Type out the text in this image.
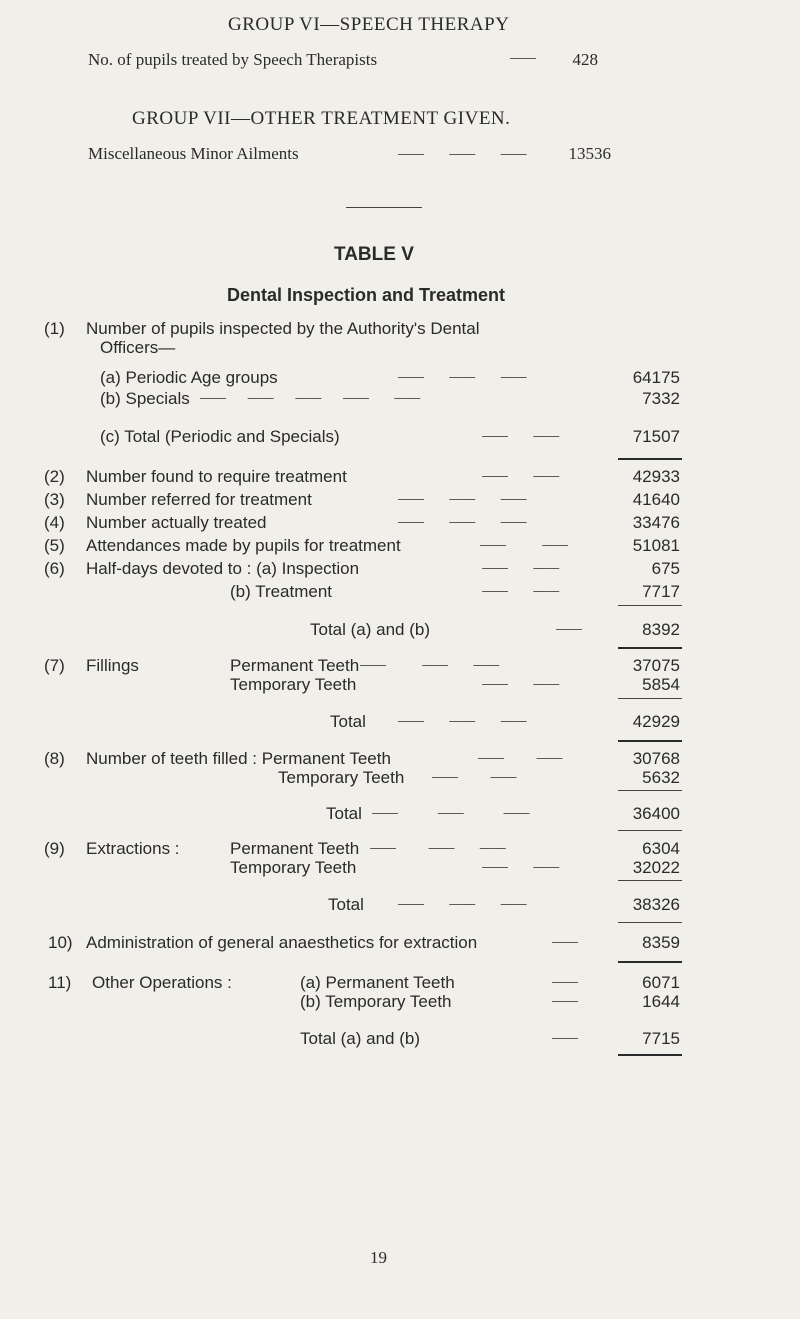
GROUP VI—SPEECH THERAPY
No. of pupils treated by Speech Therapists	——	428
GROUP VII—OTHER TREATMENT GIVEN.
Miscellaneous Minor Ailments	——       ——       ——	13536
TABLE V
Dental Inspection and Treatment
(1) Number of pupils inspected by the Authority's Dental
Officers—
(a) Periodic Age groups	——       ——       ——	64175
(b) Specials ——      ——      ——      ——       ——	7332
(c) Total (Periodic and Specials)	——       ——	71507
(2) Number found to require treatment	——       ——	42933
(3) Number referred for treatment	——       ——       ——	41640
(4) Number actually treated	——       ——       ——	33476
(5) Attendances made by pupils for treatment	——          ——	51081
(6) Half-days devoted to : (a) Inspection	——       ——	675
(b) Treatment	——       ——	7717
Total (a) and (b)	——	8392
(7) Fillings	Permanent Teeth ——          ——       ——	37075
Temporary Teeth	——       ——	5854
Total ——       ——       ——	42929
(8) Number of teeth filled : Permanent Teeth	——         ——	30768
Temporary Teeth ——         ——	5632
Total ——           ——           ——	36400
(9) Extractions :	Permanent Teeth ——         ——       ——	6304
Temporary Teeth	——       ——	32022
Total	——       ——       ——	38326
10) Administration of general anaesthetics for extraction	——	8359
11) Other Operations :	(a) Permanent Teeth	——	6071
(b) Temporary Teeth	——	1644
Total (a) and (b)	——	7715
19
